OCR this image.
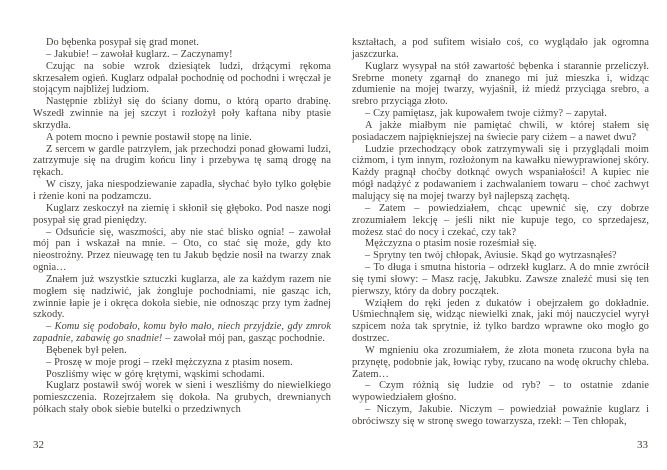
Do bębenka posypał się grad monet.

– Jakubie! – zawołał kuglarz. – Zaczynamy!

Czując na sobie wzrok dziesiątek ludzi, drżącymi rękoma skrzesałem ogień. Kuglarz odpalał pochodnię od pochodni i wręczał je stojącym najbliżej ludziom.

Następnie zbliżył się do ściany domu, o którą oparto drabinę. Wszedł zwinnie na jej szczyt i rozłożył poły kaftana niby ptasie skrzydła.

A potem mocno i pewnie postawił stopę na linie.

Z sercem w gardle patrzyłem, jak przechodzi ponad głowami ludzi, zatrzymuje się na drugim końcu liny i przebywa tę samą drogę na rękach.

W ciszy, jaka niespodziewanie zapadła, słychać było tylko gołębie i rżenie koni na podzamczu.

Kuglarz zeskoczył na ziemię i skłonił się głęboko. Pod nasze nogi posypał się grad pieniędzy.

– Odsuńcie się, waszmości, aby nie stać blisko ognia! – zawołał mój pan i wskazał na mnie. – Oto, co stać się może, gdy kto nieostrożny. Przez nieuwagę ten tu Jakub będzie nosił na twarzy znak ognia…

Znałem już wszystkie sztuczki kuglarza, ale za każdym razem nie mogłem się nadziwić, jak żongluje pochodniami, nie gasząc ich, zwinnie łapie je i okręca dokoła siebie, nie odnosząc przy tym żadnej szkody.

– Komu się podobało, komu było mało, niech przyjdzie, gdy zmrok zapadnie, zabawię go snadnie! – zawołał mój pan, gasząc pochodnie.

Bębenek był pełen.

– Proszę w moje progi – rzekł mężczyzna z ptasim nosem.

Poszliśmy więc w górę krętymi, wąskimi schodami.

Kuglarz postawił swój worek w sieni i weszliśmy do niewielkiego pomieszczenia. Rozejrzałem się dokoła. Na grubych, drewnianych półkach stały obok siebie butelki o przedziwnych

32

kształtach, a pod sufitem wisiało coś, co wyglądało jak ogromna jaszczurka.

Kuglarz wysypał na stół zawartość bębenka i starannie przeliczył. Srebrne monety zgarnął do znanego mi już mieszka i, widząc zdumienie na mojej twarzy, wyjaśnił, iż miedź przyciąga srebro, a srebro przyciąga złoto.

– Czy pamiętasz, jak kupowałem twoje ciżmy? – zapytał.

A jakże miałbym nie pamiętać chwili, w której stałem się posiadaczem najpiękniejszej na świecie pary ciżem – a nawet dwu?

Ludzie przechodzący obok zatrzymywali się i przyglądali moim ciżmom, i tym innym, rozłożonym na kawałku niewyprawionej skóry. Każdy pragnął choćby dotknąć owych wspaniałości! A kupiec nie mógł nadążyć z podawaniem i zachwalaniem towaru – choć zachwyt malujący się na mojej twarzy był najlepszą zachętą.

– Zatem – powiedziałem, chcąc upewnić się, czy dobrze zrozumiałem lekcję – jeśli nikt nie kupuje tego, co sprzedajesz, możesz stać do nocy i czekać, czy tak?

Mężczyzna o ptasim nosie roześmiał się.

– Sprytny ten twój chłopak, Aviusie. Skąd go wytrzasnąłeś?

– To długa i smutna historia – odrzekł kuglarz. A do mnie zwrócił się tymi słowy: – Masz rację, Jakubku. Zawsze znaleźć musi się ten pierwszy, który da dobry początek.

Wziąłem do ręki jeden z dukatów i obejrzałem go dokładnie. Uśmiechnąłem się, widząc niewielki znak, jaki mój nauczyciel wyrył szpicem noża tak sprytnie, iż tylko bardzo wprawne oko mogło go dostrzec.

W mgnieniu oka zrozumiałem, że złota moneta rzucona była na przynętę, podobnie jak, łowiąc ryby, rzucano na wodę okruchy chleba. Zatem…

– Czym różnią się ludzie od ryb? – to ostatnie zdanie wypowiedziałem głośno.

– Niczym, Jakubie. Niczym – powiedział poważnie kuglarz i obróciwszy się w stronę swego towarzysza, rzekł: – Ten chłopak,

33
